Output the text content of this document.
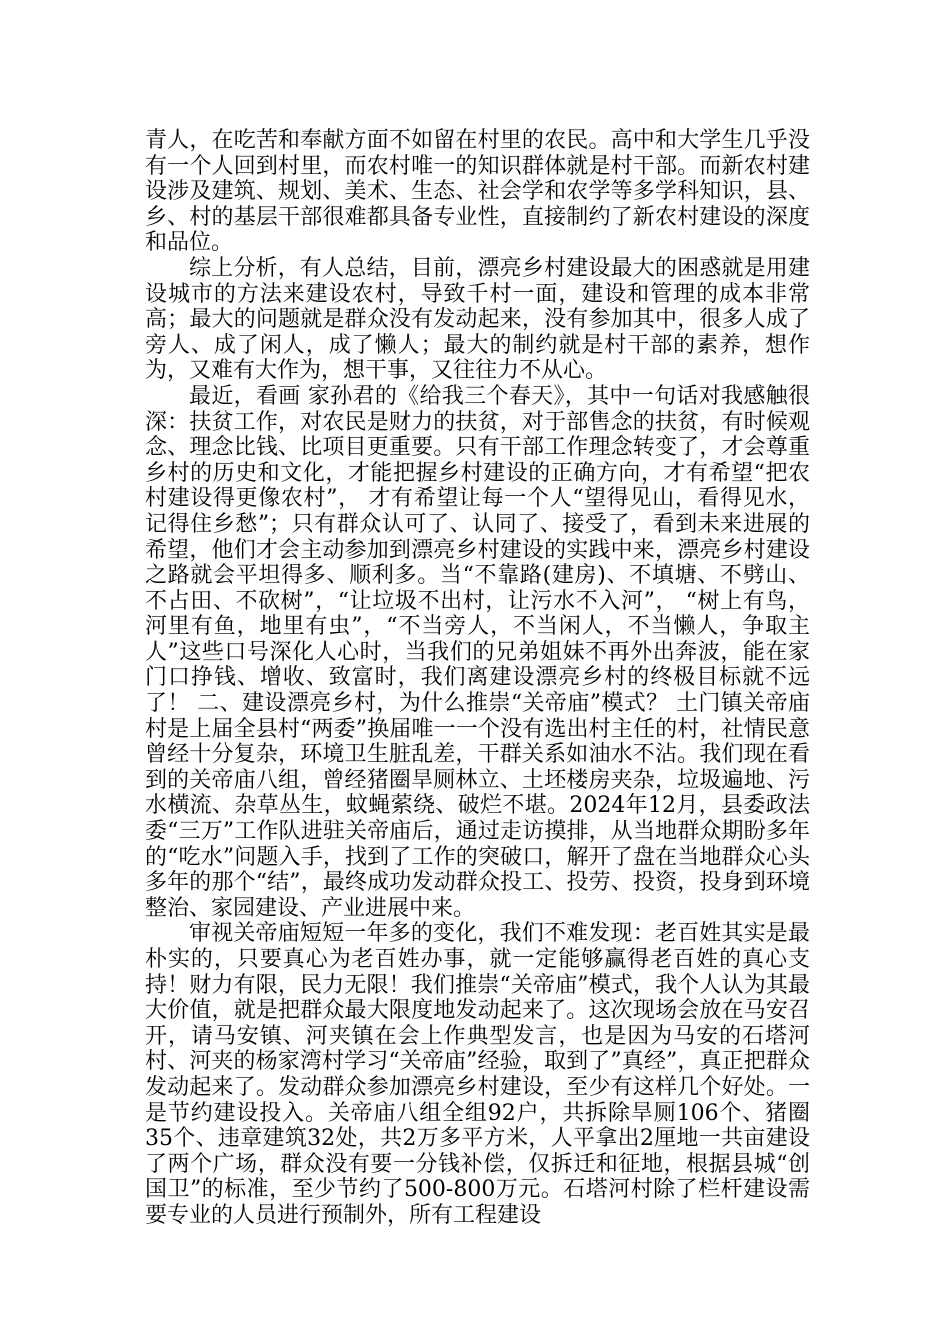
青人，在吃苦和奉献方面不如留在村里的农民。高中和大学生几乎没有一个人回到村里，而农村唯一的知识群体就是村干部。而新农村建设涉及建筑、规划、美术、生态、社会学和农学等多学科知识，县、乡、村的基层干部很难都具备专业性，直接制约了新农村建设的深度和品位。

综上分析，有人总结，目前，漂亮乡村建设最大的困惑就是用建设城市的方法来建设农村，导致千村一面，建设和管理的成本非常高；最大的问题就是群众没有发动起来，没有参加其中，很多人成了旁人、成了闲人，成了懒人；最大的制约就是村干部的素养，想作为，又难有大作为，想干事，又往往力不从心。

最近，看画 家孙君的《给我三个春天》，其中一句话对我感触很深：扶贫工作，对农民是财力的扶贫，对于部售念的扶贫，有时候观念、理念比钱、比项目更重要。只有干部工作理念转变了，才会尊重乡村的历史和文化，才能把握乡村建设的正确方向，才有希望“把农村建设得更像农村”， 才有希望让每一个人“望得见山，看得见水，记得住乡愁”；只有群众认可了、认同了、接受了，看到未来进展的希望，他们才会主动参加到漂亮乡村建设的实践中来，漂亮乡村建设之路就会平坦得多、顺利多。当“不靠路(建房)、不填塘、不劈山、不占田、不砍树”，“让垃圾不出村，让污水不入河”， “树上有鸟，河里有鱼，地里有虫”，“不当旁人，不当闲人，不当懒人，争取主人”这些口号深化人心时，当我们的兄弟姐妹不再外出奔波，能在家门口挣钱、增收、致富时，我们离建设漂亮乡村的终极目标就不远了！ 二、建设漂亮乡村，为什么推崇“关帝庙”模式？ 土门镇关帝庙村是上届全县村“两委”换届唯一一个没有选出村主任的村，社情民意曾经十分复杂，环境卫生脏乱差，干群关系如油水不沾。我们现在看到的关帝庙八组，曾经猪圈旱厕林立、土坯楼房夹杂，垃圾遍地、污水横流、杂草丛生，蚊蝇萦绕、破烂不堪。2024年12月，县委政法委“三万”工作队进驻关帝庙后，通过走访摸排，从当地群众期盼多年的“吃水”问题入手，找到了工作的突破口，解开了盘在当地群众心头多年的那个“结”，最终成功发动群众投工、投劳、投资，投身到环境整治、家园建设、产业进展中来。

审视关帝庙短短一年多的变化，我们不难发现：老百姓其实是最朴实的，只要真心为老百姓办事，就一定能够赢得老百姓的真心支持！财力有限，民力无限！我们推崇“关帝庙”模式，我个人认为其最大价值，就是把群众最大限度地发动起来了。这次现场会放在马安召开，请马安镇、河夹镇在会上作典型发言，也是因为马安的石塔河村、河夹的杨家湾村学习“关帝庙”经验，取到了”真经”，真正把群众发动起来了。发动群众参加漂亮乡村建设，至少有这样几个好处。一是节约建设投入。关帝庙八组全组92户，共拆除旱厕106个、猪圈35个、违章建筑32处，共2万多平方米，人平拿出2厘地一共亩建设了两个广场，群众没有要一分钱补偿，仅拆迁和征地，根据县城“创国卫”的标准，至少节约了500-800万元。石塔河村除了栏杆建设需要专业的人员进行预制外，所有工程建设
